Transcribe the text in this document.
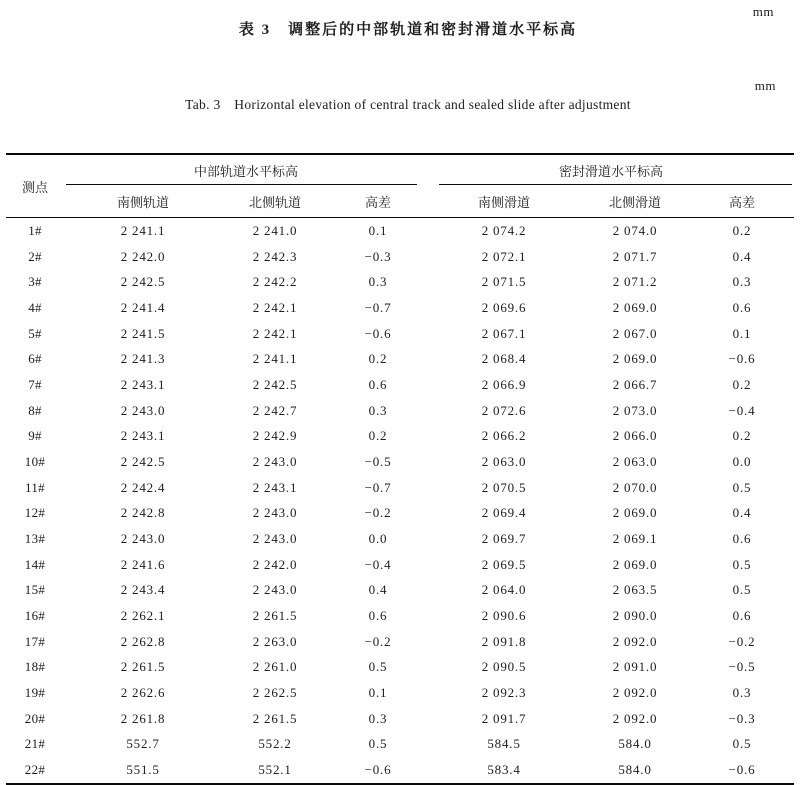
表 3　调整后的中部轨道和密封滑道水平标高

mm

Tab. 3　Horizontal elevation of central track and sealed slide after adjustment

mm

测点	中部轨道水平标高			密封滑道水平标高		
	南侧轨道	北侧轨道	高差	南侧滑道	北侧滑道	高差
1#	2 241.1	2 241.0	0.1	2 074.2	2 074.0	0.2
2#	2 242.0	2 242.3	−0.3	2 072.1	2 071.7	0.4
3#	2 242.5	2 242.2	0.3	2 071.5	2 071.2	0.3
4#	2 241.4	2 242.1	−0.7	2 069.6	2 069.0	0.6
5#	2 241.5	2 242.1	−0.6	2 067.1	2 067.0	0.1
6#	2 241.3	2 241.1	0.2	2 068.4	2 069.0	−0.6
7#	2 243.1	2 242.5	0.6	2 066.9	2 066.7	0.2
8#	2 243.0	2 242.7	0.3	2 072.6	2 073.0	−0.4
9#	2 243.1	2 242.9	0.2	2 066.2	2 066.0	0.2
10#	2 242.5	2 243.0	−0.5	2 063.0	2 063.0	0.0
11#	2 242.4	2 243.1	−0.7	2 070.5	2 070.0	0.5
12#	2 242.8	2 243.0	−0.2	2 069.4	2 069.0	0.4
13#	2 243.0	2 243.0	0.0	2 069.7	2 069.1	0.6
14#	2 241.6	2 242.0	−0.4	2 069.5	2 069.0	0.5
15#	2 243.4	2 243.0	0.4	2 064.0	2 063.5	0.5
16#	2 262.1	2 261.5	0.6	2 090.6	2 090.0	0.6
17#	2 262.8	2 263.0	−0.2	2 091.8	2 092.0	−0.2
18#	2 261.5	2 261.0	0.5	2 090.5	2 091.0	−0.5
19#	2 262.6	2 262.5	0.1	2 092.3	2 092.0	0.3
20#	2 261.8	2 261.5	0.3	2 091.7	2 092.0	−0.3
21#	552.7	552.2	0.5	584.5	584.0	0.5
22#	551.5	552.1	−0.6	583.4	584.0	−0.6
